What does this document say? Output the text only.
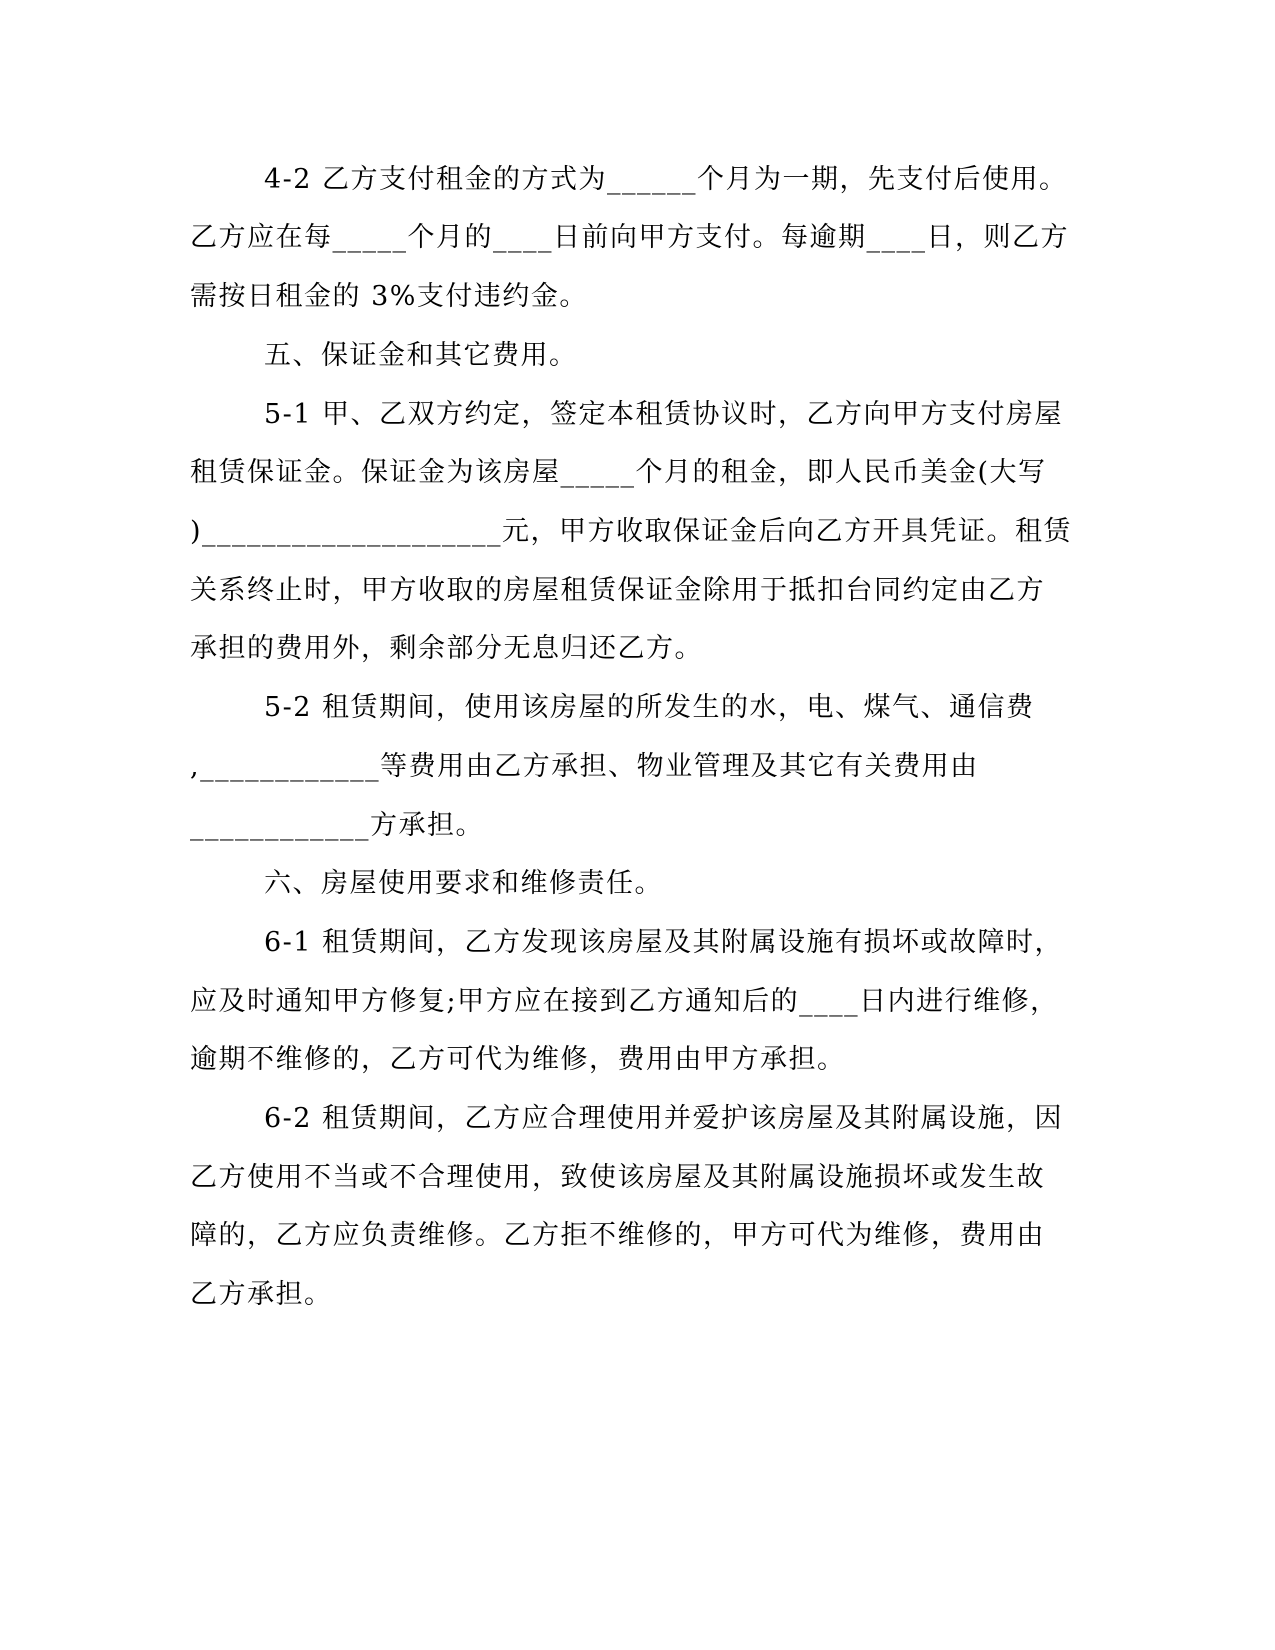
4-2 乙方支付租金的方式为______个月为一期，先支付后使用。
乙方应在每_____个月的____日前向甲方支付。每逾期____日，则乙方
需按日租金的 3%支付违约金。
五、保证金和其它费用。
5-1 甲、乙双方约定，签定本租赁协议时，乙方向甲方支付房屋
租赁保证金。保证金为该房屋_____个月的租金，即人民币美金(大写
)____________________元，甲方收取保证金后向乙方开具凭证。租赁
关系终止时，甲方收取的房屋租赁保证金除用于抵扣台同约定由乙方
承担的费用外，剩余部分无息归还乙方。
5-2 租赁期间，使用该房屋的所发生的水，电、煤气、通信费
,____________等费用由乙方承担、物业管理及其它有关费用由
____________方承担。
六、房屋使用要求和维修责任。
6-1 租赁期间，乙方发现该房屋及其附属设施有损坏或故障时，
应及时通知甲方修复;甲方应在接到乙方通知后的____日内进行维修，
逾期不维修的，乙方可代为维修，费用由甲方承担。
6-2 租赁期间，乙方应合理使用并爱护该房屋及其附属设施，因
乙方使用不当或不合理使用，致使该房屋及其附属设施损坏或发生故
障的，乙方应负责维修。乙方拒不维修的，甲方可代为维修，费用由
乙方承担。
